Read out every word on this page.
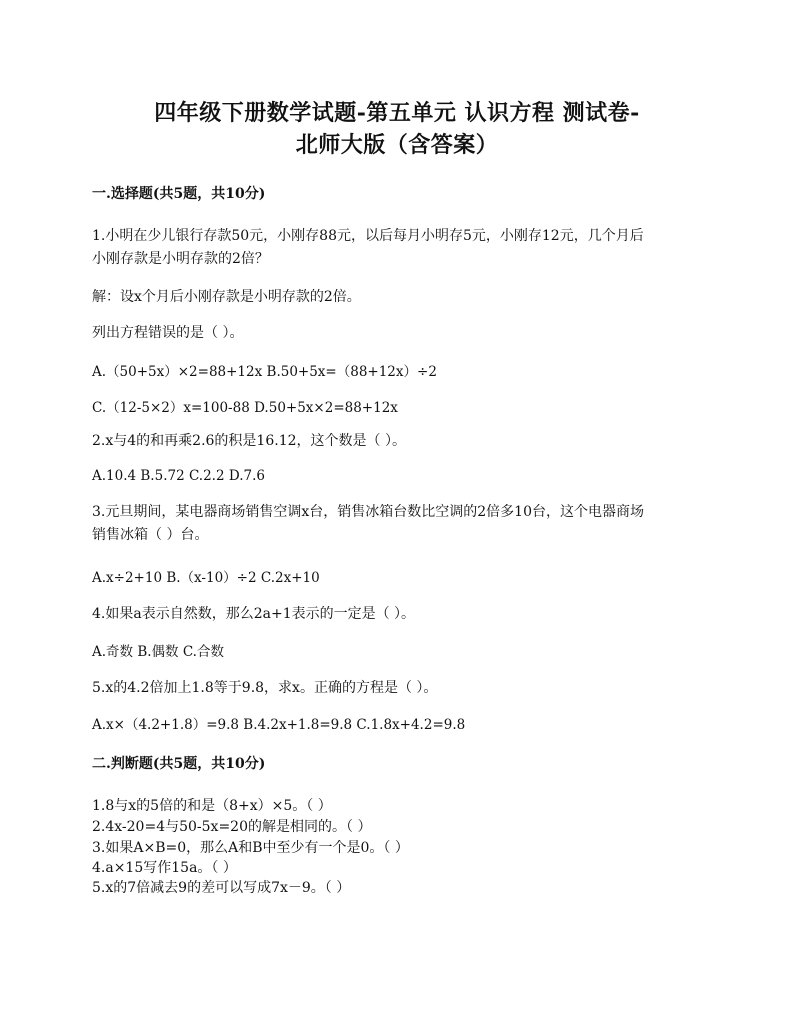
四年级下册数学试题-第五单元 认识方程 测试卷-
北师大版（含答案）
一.选择题(共5题，共10分)
1.小明在少儿银行存款50元，小刚存88元，以后每月小明存5元，小刚存12元，几个月后
小刚存款是小明存款的2倍？
解：设x个月后小刚存款是小明存款的2倍。
列出方程错误的是（ ）。
A.（50+5x）×2=88+12x B.50+5x=（88+12x）÷2
C.（12-5×2）x=100-88 D.50+5x×2=88+12x
2.x与4的和再乘2.6的积是16.12，这个数是（ ）。
A.10.4 B.5.72 C.2.2 D.7.6
3.元旦期间，某电器商场销售空调x台，销售冰箱台数比空调的2倍多10台，这个电器商场
销售冰箱（ ）台。
A.x÷2+10 B.（x-10）÷2 C.2x+10
4.如果a表示自然数，那么2a+1表示的一定是（ ）。
A.奇数 B.偶数 C.合数
5.x的4.2倍加上1.8等于9.8，求x。正确的方程是（ ）。
A.x×（4.2+1.8）=9.8 B.4.2x+1.8=9.8 C.1.8x+4.2=9.8
二.判断题(共5题，共10分)
1.8与x的5倍的和是（8+x）×5。（ ）
2.4x-20=4与50-5x=20的解是相同的。（ ）
3.如果A×B=0，那么A和B中至少有一个是0。（ ）
4.a×15写作15a。（ ）
5.x的7倍减去9的差可以写成7x－9。（ ）
